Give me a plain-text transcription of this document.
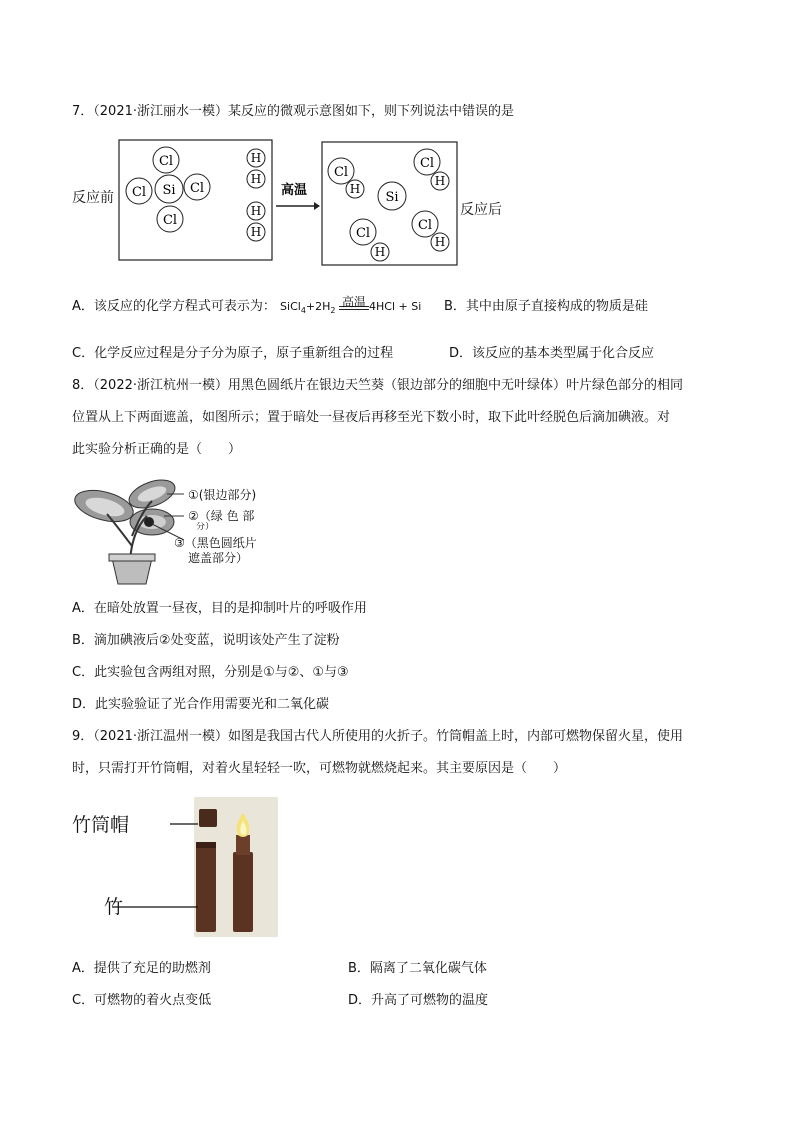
7．（2021·浙江丽水一模）某反应的微观示意图如下，则下列说法中错误的是
反应前
反应后
Cl
Cl Si Cl
Cl
H
H
H
H
高温
Cl
H
Cl
H
Si
Cl
H
Cl
H
A．该反应的化学方程式可表示为： $SiCl_4+2H_2$
高温 4HCl + Si B．其中由原子直接构成的物质是硅
C．化学反应过程是分子分为原子，原子重新组合的过程	D．该反应的基本类型属于化合反应
8．（2022·浙江杭州一模）用黑色圆纸片在银边天竺葵（银边部分的细胞中无叶绿体）叶片绿色部分的相同
位置从上下两面遮盖，如图所示；置于暗处一昼夜后再移至光下数小时，取下此叶经脱色后滴加碘液。对
此实验分析正确的是（　　）
①(银边部分)
②（绿 色 部
分）
③（黑色圆纸片
遮盖部分）
A．在暗处放置一昼夜，目的是抑制叶片的呼吸作用
B．滴加碘液后②处变蓝，说明该处产生了淀粉
C．此实验包含两组对照，分别是①与②、①与③
D．此实验验证了光合作用需要光和二氧化碳
9．（2021·浙江温州一模）如图是我国古代人所使用的火折子。竹筒帽盖上时，内部可燃物保留火星，使用
时，只需打开竹筒帽，对着火星轻轻一吹，可燃物就燃烧起来。其主要原因是（　　）
竹筒帽
竹
A．提供了充足的助燃剂	B．隔离了二氧化碳气体
C．可燃物的着火点变低	D．升高了可燃物的温度
